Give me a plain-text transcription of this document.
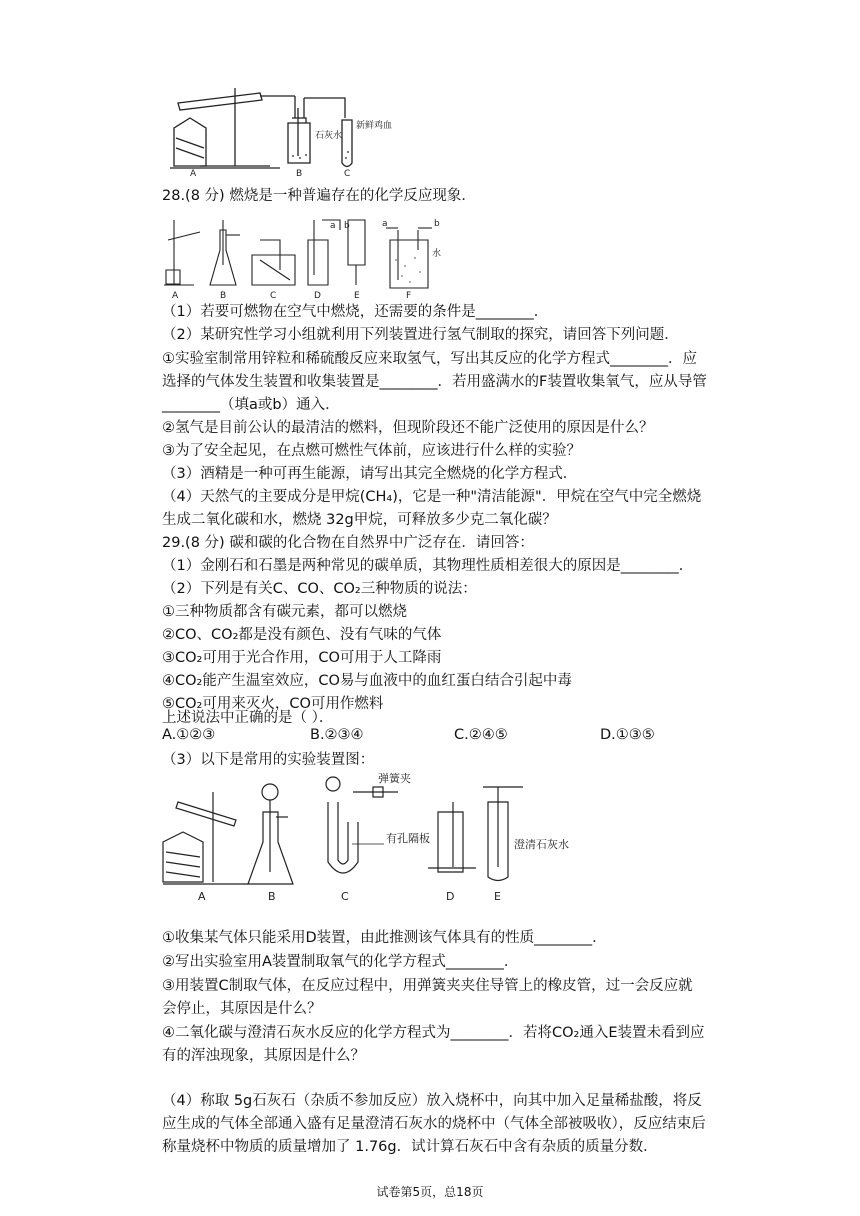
A	B	C
石灰水
新鲜鸡血
28.(8 分) 燃烧是一种普遍存在的化学反应现象．
A	B	C	D	E	F
a b	a	b
水
（1）若要可燃物在空气中燃烧，还需要的条件是________．
（2）某研究性学习小组就利用下列装置进行氢气制取的探究，请回答下列问题．
①实验室制常用锌粒和稀硫酸反应来取氢气，写出其反应的化学方程式________．应
选择的气体发生装置和收集装置是________．若用盛满水的F装置收集氧气，应从导管
________（填a或b）通入．
②氢气是目前公认的最清洁的燃料，但现阶段还不能广泛使用的原因是什么？
③为了安全起见，在点燃可燃性气体前，应该进行什么样的实验？
（3）酒精是一种可再生能源，请写出其完全燃烧的化学方程式．
（4）天然气的主要成分是甲烷(CH₄)，它是一种"清洁能源"．甲烷在空气中完全燃烧
生成二氧化碳和水，燃烧 32g甲烷，可释放多少克二氧化碳？
29.(8 分) 碳和碳的化合物在自然界中广泛存在．请回答：
（1）金刚石和石墨是两种常见的碳单质，其物理性质相差很大的原因是________．
（2）下列是有关C、CO、CO₂三种物质的说法：
①三种物质都含有碳元素，都可以燃烧
②CO、CO₂都是没有颜色、没有气味的气体
③CO₂可用于光合作用，CO可用于人工降雨
④CO₂能产生温室效应，CO易与血液中的血红蛋白结合引起中毒
⑤CO₂可用来灭火，CO可用作燃料
上述说法中正确的是（ ）．
A.①②③	B.②③④	C.②④⑤	D.①③⑤
（3）以下是常用的实验装置图：
A	B	C	D	E
弹簧夹
有孔隔板	澄清石灰水
①收集某气体只能采用D装置，由此推测该气体具有的性质________．
②写出实验室用A装置制取氧气的化学方程式________．
③用装置C制取气体，在反应过程中，用弹簧夹夹住导管上的橡皮管，过一会反应就
会停止，其原因是什么？
④二氧化碳与澄清石灰水反应的化学方程式为________．若将CO₂通入E装置未看到应
有的浑浊现象，其原因是什么？
（4）称取 5g石灰石（杂质不参加反应）放入烧杯中，向其中加入足量稀盐酸，将反
应生成的气体全部通入盛有足量澄清石灰水的烧杯中（气体全部被吸收），反应结束后
称量烧杯中物质的质量增加了 1.76g．试计算石灰石中含有杂质的质量分数．
试卷第5页，总18页
